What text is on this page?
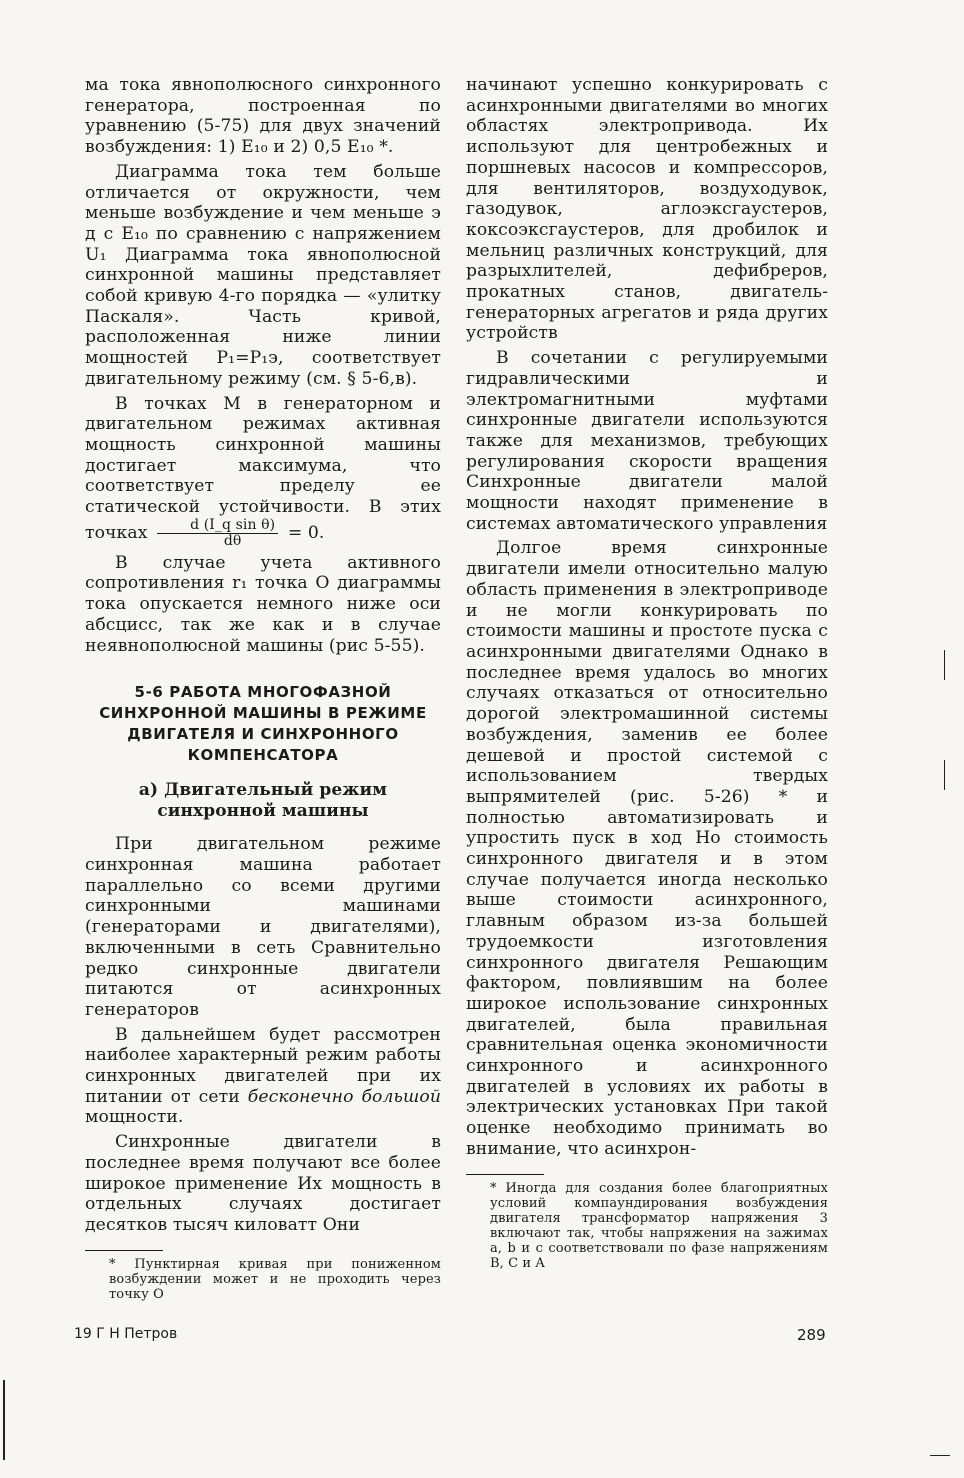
ма тока явнополюсного синхронного генератора, построенная по уравнению (5-75) для двух значений возбуждения: 1) E₁₀ и 2) 0,5 E₁₀ *.

Диаграмма тока тем больше отличается от окружности, чем меньше возбуждение и чем меньше э д с E₁₀ по сравнению с напряжением U₁ Диаграмма тока явнополюсной синхронной машины представляет собой кривую 4-го порядка — «улитку Паскаля». Часть кривой, расположенная ниже линии мощностей P₁=P₁э, соответствует двигательному режиму (см. § 5-6,в).

В точках M в генераторном и двигательном режимах активная мощность синхронной машины достигает максимума, что соответствует пределу ее статической устойчивости. В этих точках $\frac{\text{d (I\_q sin θ)}}{d\theta} = 0$.

В случае учета активного сопротивления r₁ точка O диаграммы тока опускается немного ниже оси абсцисс, так же как и в случае неявнополюсной машины (рис 5-55).

5-6 РАБОТА МНОГОФАЗНОЙ СИНХРОННОЙ МАШИНЫ В РЕЖИМЕ ДВИГАТЕЛЯ И СИНХРОННОГО КОМПЕНСАТОРА
а) Двигательный режим синхронной машины

При двигательном режиме синхронная машина работает параллельно со всеми другими синхронными машинами (генераторами и двигателями), включенными в сеть Сравнительно редко синхронные двигатели питаются от асинхронных генераторов

В дальнейшем будет рассмотрен наиболее характерный режим работы синхронных двигателей при их питании от сети бесконечно большой мощности.

Синхронные двигатели в последнее время получают все более широкое применение Их мощность в отдельных случаях достигает десятков тысяч киловатт Они

* Пунктирная кривая при пониженном возбуждении может и не проходить через точку O

начинают успешно конкурировать с асинхронными двигателями во многих областях электропривода. Их используют для центробежных и поршневых насосов и компрессоров, для вентиляторов, воздуходувок, газодувок, аглоэксгаустеров, коксоэксгаустеров, для дробилок и мельниц различных конструкций, для разрыхлителей, дефибреров, прокатных станов, двигатель-генераторных агрегатов и ряда других устройств

В сочетании с регулируемыми гидравлическими и электромагнитными муфтами синхронные двигатели используются также для механизмов, требующих регулирования скорости вращения Синхронные двигатели малой мощности находят применение в системах автоматического управления

Долгое время синхронные двигатели имели относительно малую область применения в электроприводе и не могли конкурировать по стоимости машины и простоте пуска с асинхронными двигателями Однако в последнее время удалось во многих случаях отказаться от относительно дорогой электромашинной системы возбуждения, заменив ее более дешевой и простой системой с использованием твердых выпрямителей (рис. 5-26) * и полностью автоматизировать и упростить пуск в ход Но стоимость синхронного двигателя и в этом случае получается иногда несколько выше стоимости асинхронного, главным образом из-за большей трудоемкости изготовления синхронного двигателя Решающим фактором, повлиявшим на более широкое использование синхронных двигателей, была правильная сравнительная оценка экономичности синхронного и асинхронного двигателей в условиях их работы в электрических установках При такой оценке необходимо принимать во внимание, что асинхрон-

* Иногда для создания более благоприятных условий компаундирования возбуждения двигателя трансформатор напряжения 3 включают так, чтобы напряжения на зажимах a, b и c соответствовали по фазе напряжениям B, C и A
19 Г Н Петров	289
